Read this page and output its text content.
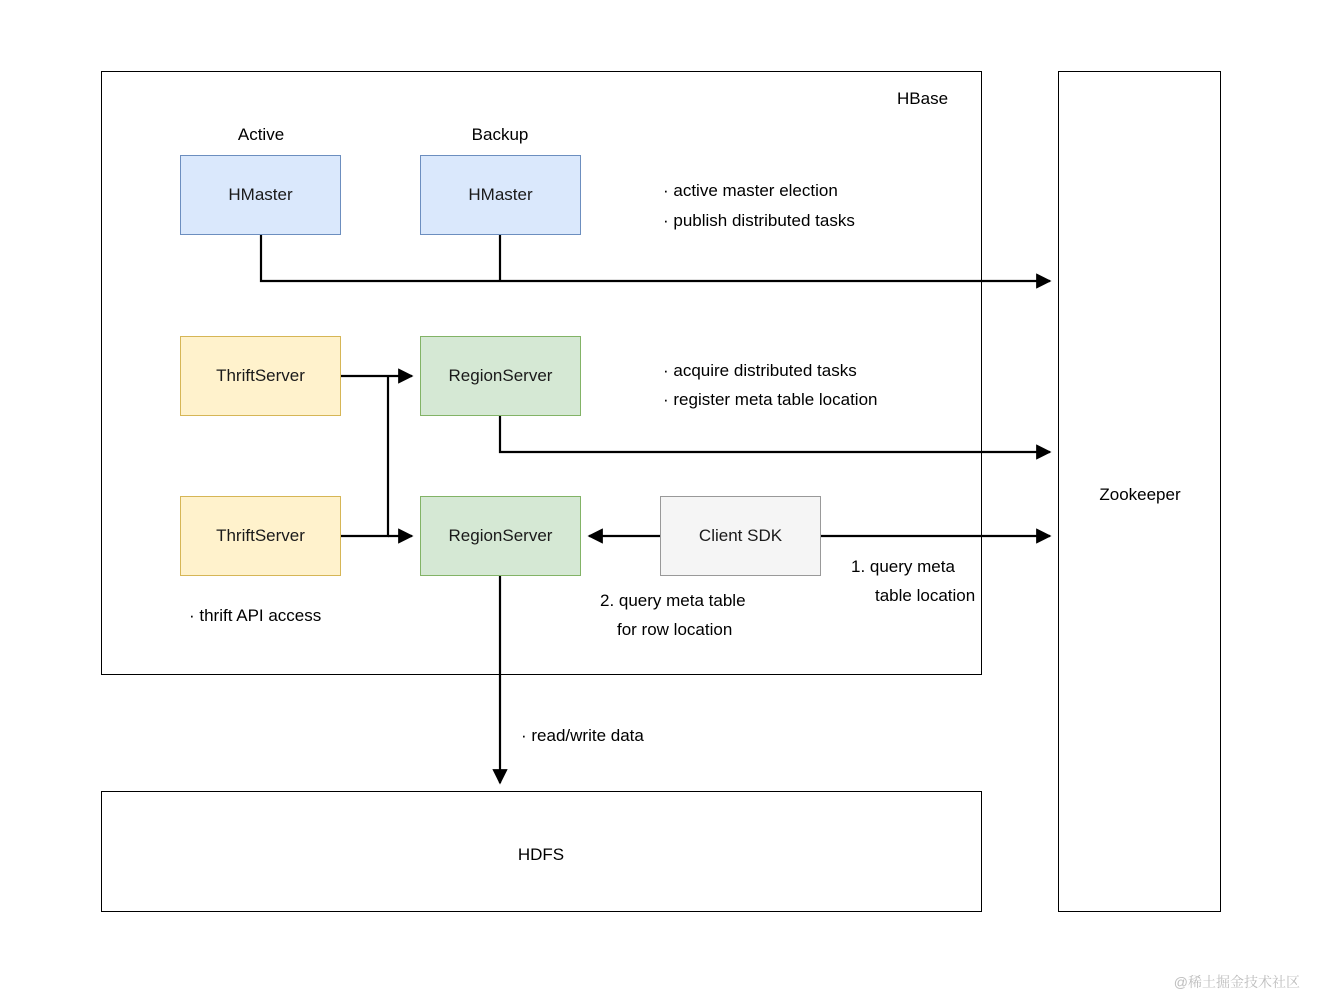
HBase
Zookeeper
HDFS
Active	Backup
HMaster	HMaster
ThriftServer
ThriftServer
RegionServer
RegionServer	Client SDK
· active master election
· publish distributed tasks
· acquire distributed tasks
· register meta table location
· thrift API access
· read/write data
1. query meta
table location
2. query meta table
for row location
@稀土掘金技术社区
